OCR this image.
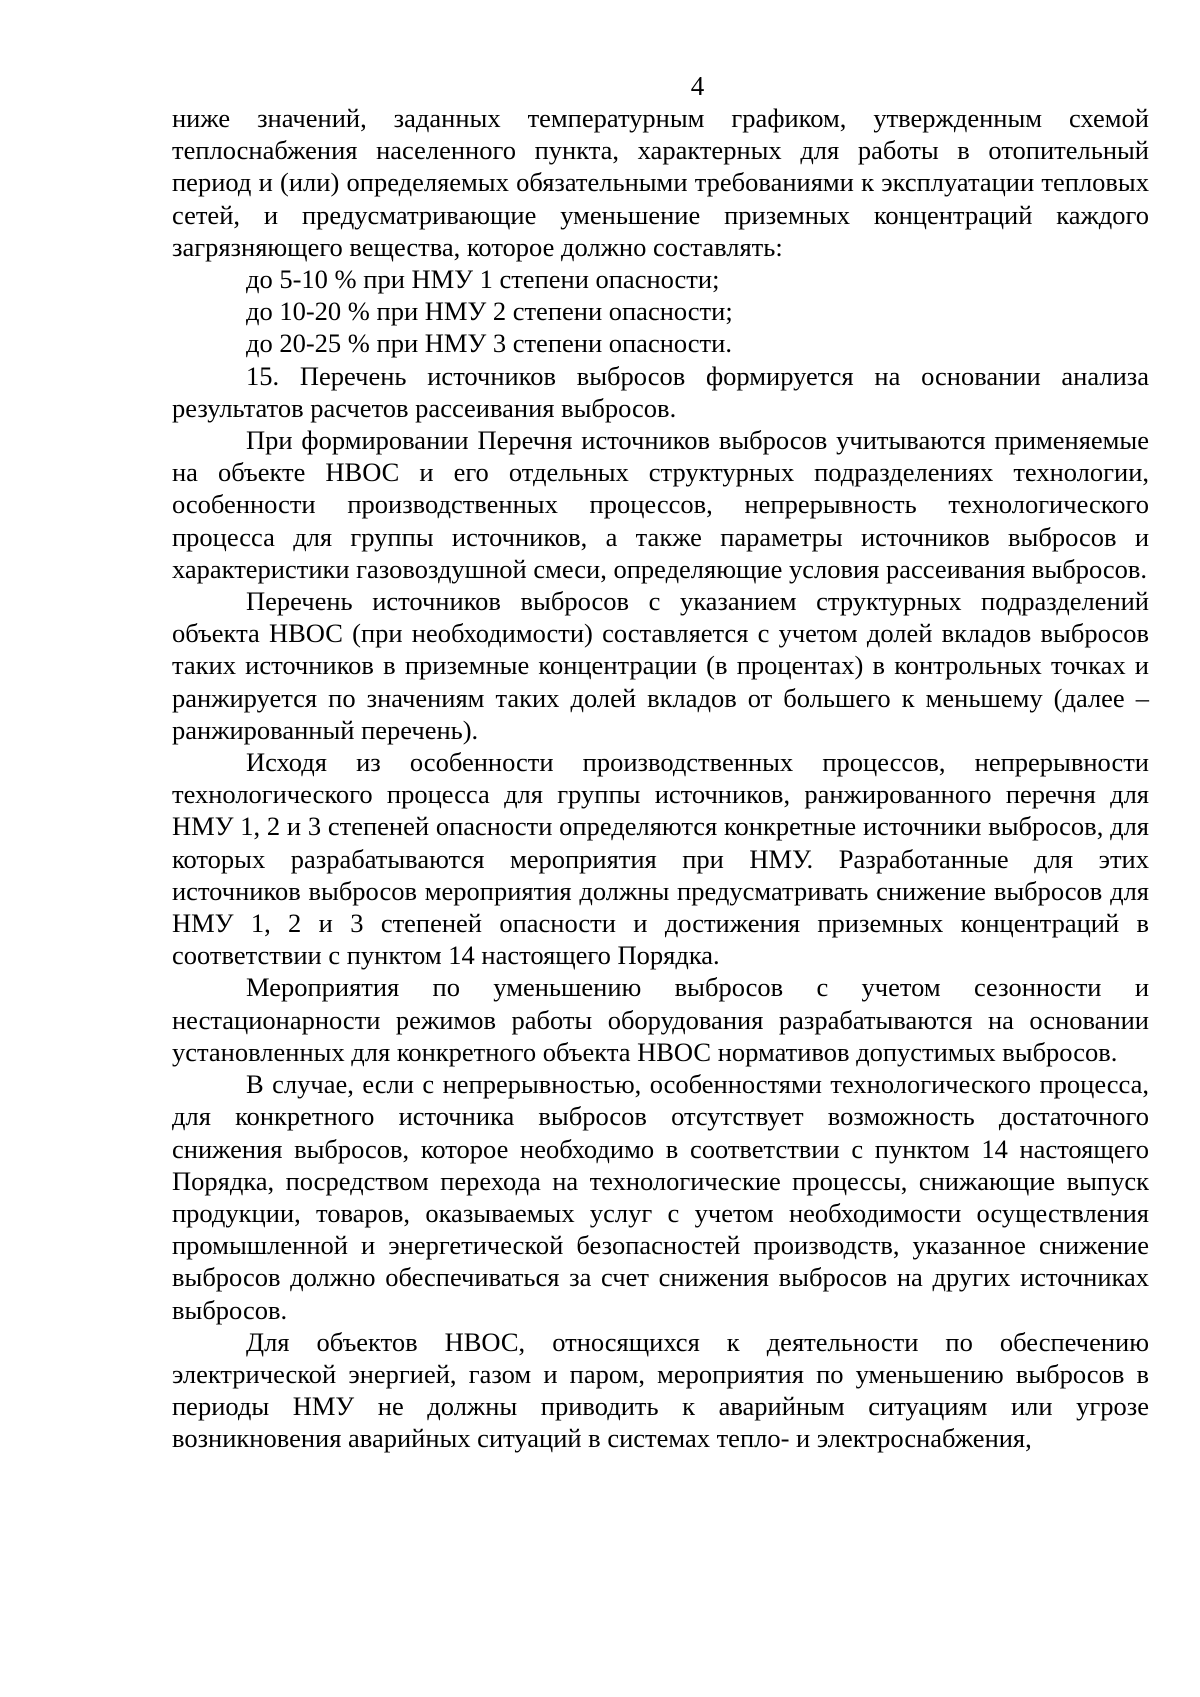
4

ниже значений, заданных температурным графиком, утвержденным схемой теплоснабжения населенного пункта, характерных для работы в отопительный период и (или) определяемых обязательными требованиями к эксплуатации тепловых сетей, и предусматривающие уменьшение приземных концентраций каждого загрязняющего вещества, которое должно составлять:

до 5-10 % при НМУ 1 степени опасности;

до 10-20 % при НМУ 2 степени опасности;

до 20-25 % при НМУ 3 степени опасности.

15. Перечень источников выбросов формируется на основании анализа результатов расчетов рассеивания выбросов.

При формировании Перечня источников выбросов учитываются применяемые на объекте НВОС и его отдельных структурных подразделениях технологии, особенности производственных процессов, непрерывность технологического процесса для группы источников, а также параметры источников выбросов и характеристики газовоздушной смеси, определяющие условия рассеивания выбросов.

Перечень источников выбросов с указанием структурных подразделений объекта НВОС (при необходимости) составляется с учетом долей вкладов выбросов таких источников в приземные концентрации (в процентах) в контрольных точках и ранжируется по значениям таких долей вкладов от большего к меньшему (далее – ранжированный перечень).

Исходя из особенности производственных процессов, непрерывности технологического процесса для группы источников, ранжированного перечня для НМУ 1, 2 и 3 степеней опасности определяются конкретные источники выбросов, для которых разрабатываются мероприятия при НМУ. Разработанные для этих источников выбросов мероприятия должны предусматривать снижение выбросов для НМУ 1, 2 и 3 степеней опасности и достижения приземных концентраций в соответствии с пунктом 14 настоящего Порядка.

Мероприятия по уменьшению выбросов с учетом сезонности и нестационарности режимов работы оборудования разрабатываются на основании установленных для конкретного объекта НВОС нормативов допустимых выбросов.

В случае, если с непрерывностью, особенностями технологического процесса, для конкретного источника выбросов отсутствует возможность достаточного снижения выбросов, которое необходимо в соответствии с пунктом 14 настоящего Порядка, посредством перехода на технологические процессы, снижающие выпуск продукции, товаров, оказываемых услуг с учетом необходимости осуществления промышленной и энергетической безопасностей производств, указанное снижение выбросов должно обеспечиваться за счет снижения выбросов на других источниках выбросов.

Для объектов НВОС, относящихся к деятельности по обеспечению электрической энергией, газом и паром, мероприятия по уменьшению выбросов в периоды НМУ не должны приводить к аварийным ситуациям или угрозе возникновения аварийных ситуаций в системах тепло- и электроснабжения,
